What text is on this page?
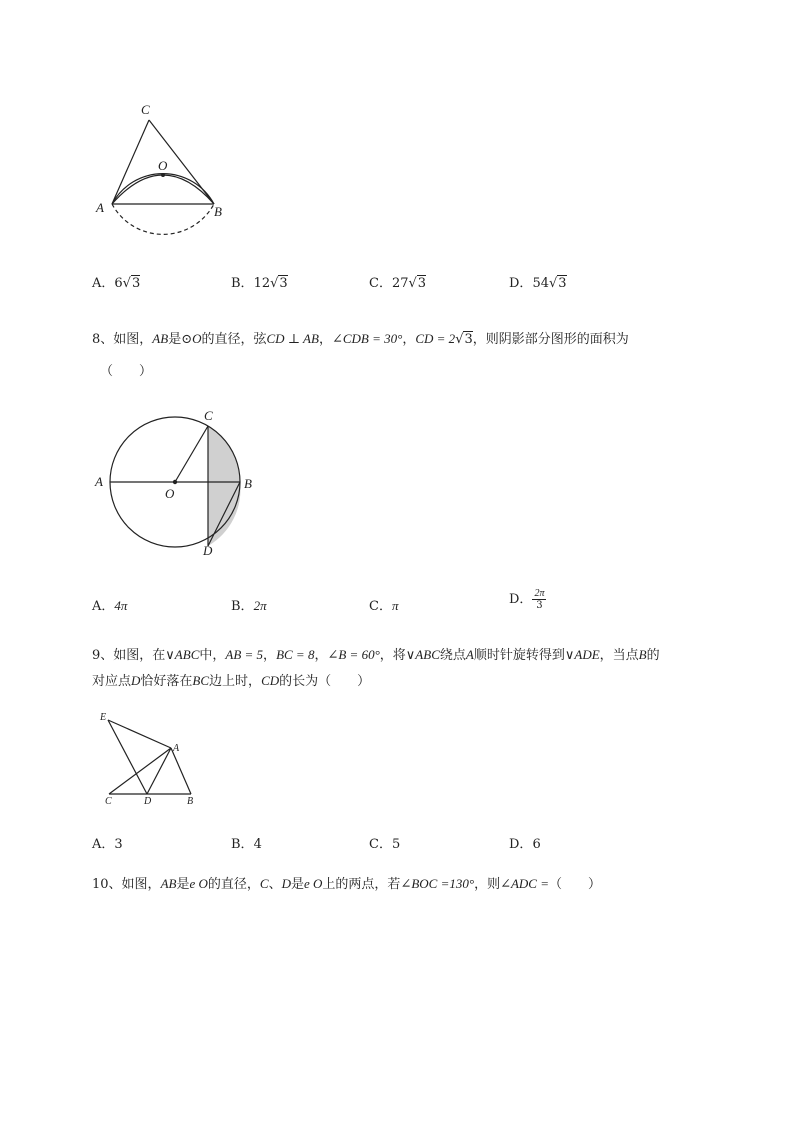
C
O
A	B
A．6√3	B．12√3	C．27√3	D．54√3
8、如图，AB是⊙O的直径，弦CD ⊥ AB，∠CDB = 30°，CD = 2√3，则阴影部分图形的面积为
（　　）
A
O
B
C
D
A．4π	B．2π	C．π	D． $\frac{2\pi}{3}$
9、如图，在∨ABC中，AB = 5，BC = 8，∠B = 60°，将∨ABC绕点A顺时针旋转得到∨ADE，当点B的
对应点D恰好落在BC边上时，CD的长为（　　）
E
A
C	D	B
A．3	B．4	C．5	D．6
10、如图，AB是e O的直径，C、D是e O上的两点，若∠BOC =130°，则∠ADC =（　　）
